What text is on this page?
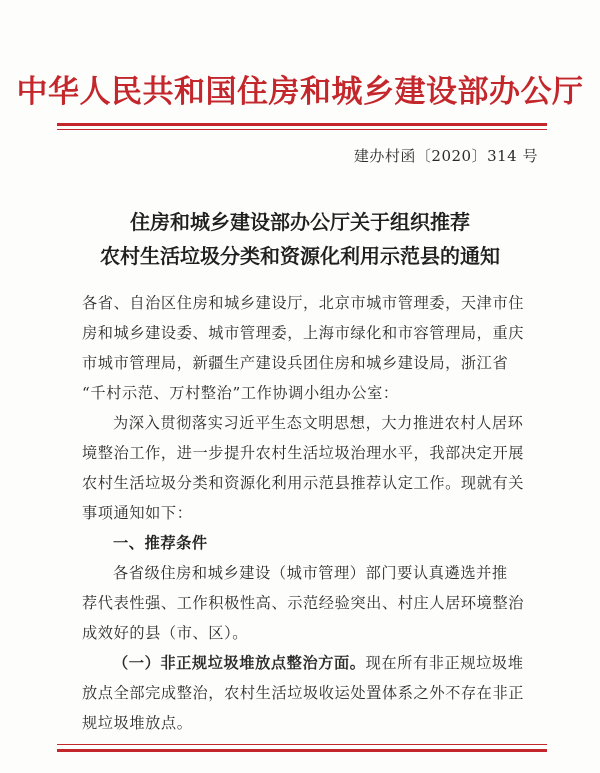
中华人民共和国住房和城乡建设部办公厅
建办村函〔2020〕314 号
住房和城乡建设部办公厅关于组织推荐
农村生活垃圾分类和资源化利用示范县的通知
各省、自治区住房和城乡建设厅，北京市城市管理委，天津市住
房和城乡建设委、城市管理委，上海市绿化和市容管理局，重庆
市城市管理局，新疆生产建设兵团住房和城乡建设局，浙江省
“千村示范、万村整治”工作协调小组办公室：
为深入贯彻落实习近平生态文明思想，大力推进农村人居环
境整治工作，进一步提升农村生活垃圾治理水平，我部决定开展
农村生活垃圾分类和资源化利用示范县推荐认定工作。现就有关
事项通知如下：
一、推荐条件
各省级住房和城乡建设（城市管理）部门要认真遴选并推
荐代表性强、工作积极性高、示范经验突出、村庄人居环境整治
成效好的县（市、区）。
（一）非正规垃圾堆放点整治方面。现在所有非正规垃圾堆
放点全部完成整治，农村生活垃圾收运处置体系之外不存在非正
规垃圾堆放点。
